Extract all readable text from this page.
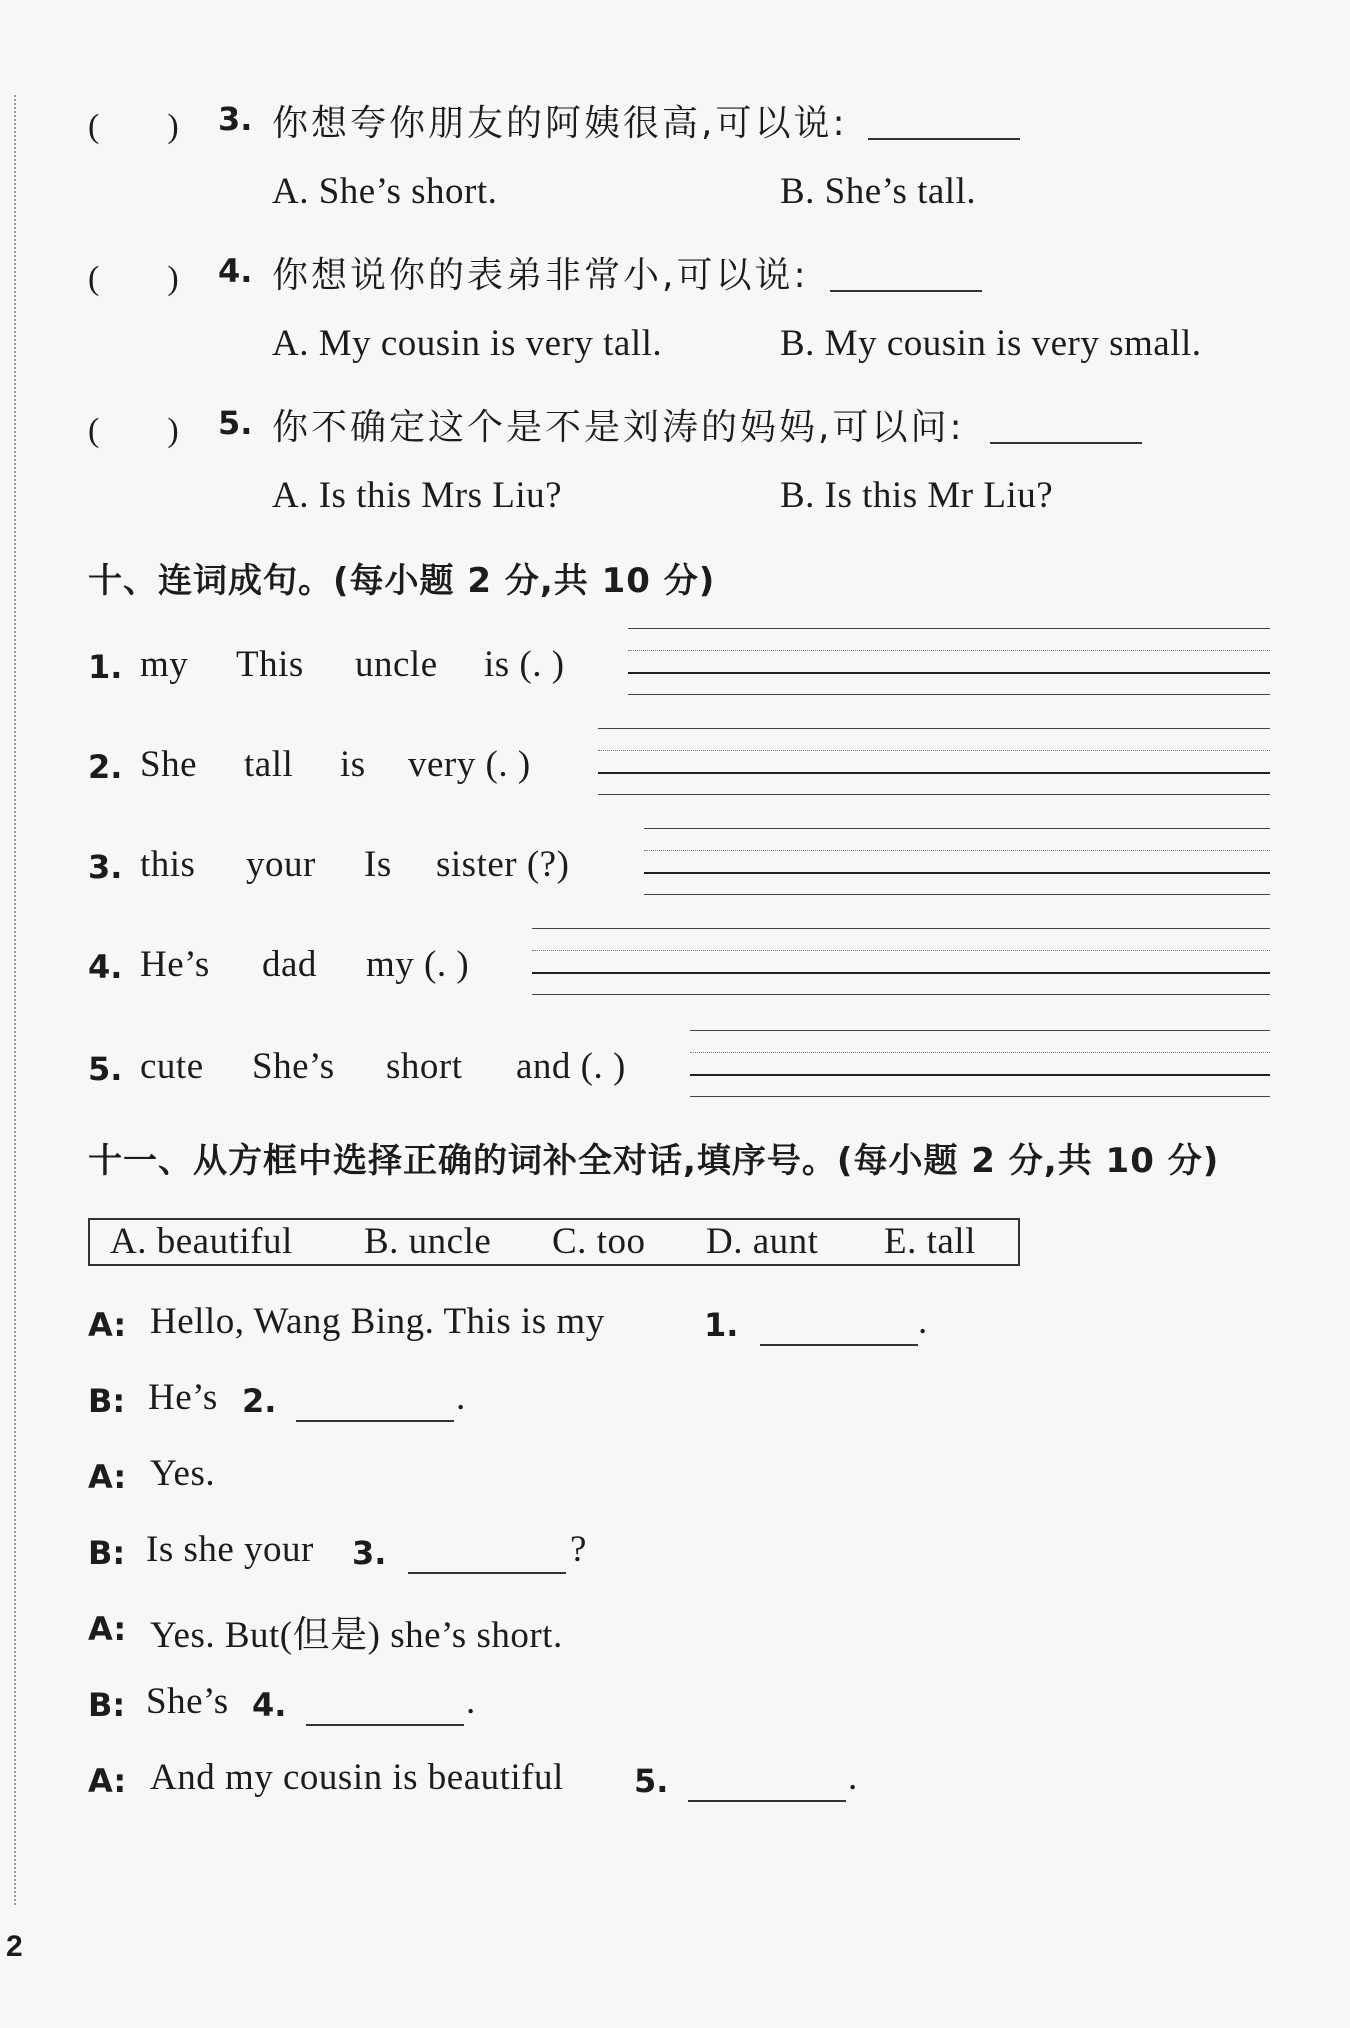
(　　) 3. 你想夸你朋友的阿姨很高,可以说:
A. She’s short.	B. She’s tall.
(　　) 4. 你想说你的表弟非常小,可以说:
A. My cousin is very tall.	B. My cousin is very small.
(　　) 5. 你不确定这个是不是刘涛的妈妈,可以问:
A. Is this Mrs Liu?	B. Is this Mr Liu?
十、连词成句。(每小题 2 分,共 10 分)
1. my This uncle is (. )
2. She tall is very (. )
3. this your Is sister (?)
4. He’s dad my (. )
5. cute She’s short and (. )
十一、从方框中选择正确的词补全对话,填序号。(每小题 2 分,共 10 分)
A. beautiful B. uncle C. too D. aunt E. tall
A: Hello, Wang Bing. This is my	1.	.
B: He’s 2.	.
A: Yes.
B: Is she your 3.	?
A: Yes. But(但是) she’s short.
B: She’s 4.	.
A: And my cousin is beautiful 5.	.
2
